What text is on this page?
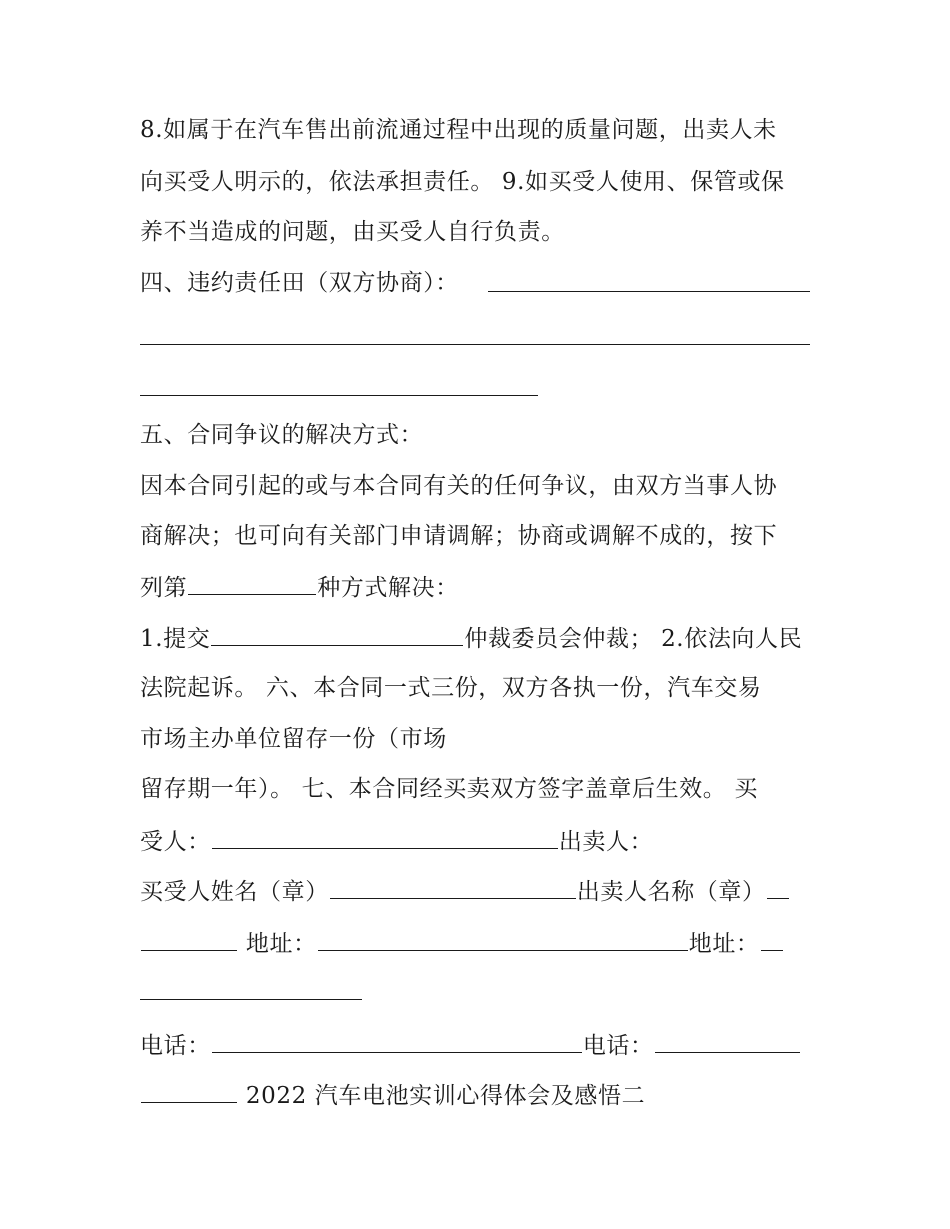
8.如属于在汽车售出前流通过程中出现的质量问题，出卖人未
向买受人明示的，依法承担责任。 9.如买受人使用、保管或保
养不当造成的问题，由买受人自行负责。
四、违约责任田（双方协商）：
五、合同争议的解决方式：
因本合同引起的或与本合同有关的任何争议，由双方当事人协
商解决；也可向有关部门申请调解；协商或调解不成的，按下
列第	种方式解决：
1.提交	仲裁委员会仲裁； 2.依法向人民
法院起诉。 六、本合同一式三份，双方各执一份，汽车交易
市场主办单位留存一份（市场
留存期一年）。 七、本合同经买卖双方签字盖章后生效。 买
受人：	出卖人：
买受人姓名（章）	出卖人名称（章）
地址：	地址：
电话：	电话：
2022 汽车电池实训心得体会及感悟二
